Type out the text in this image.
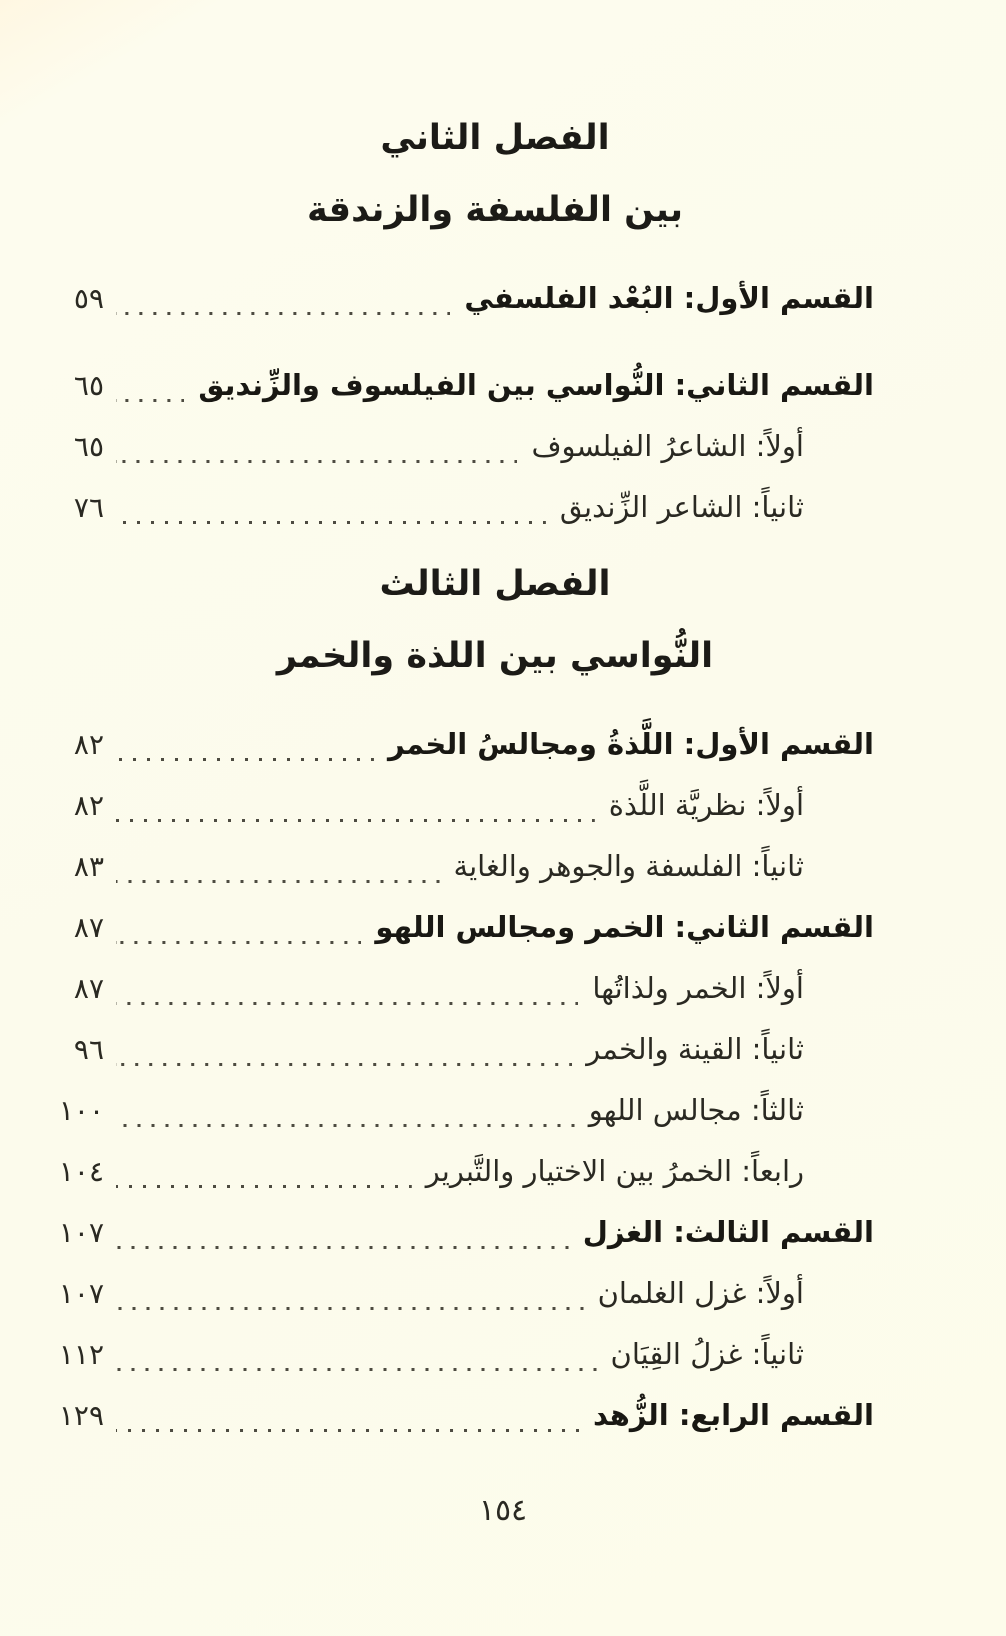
الفصل الثاني
بين الفلسفة والزندقة
القسم الأول: البُعْد الفلسفي
٥٩
القسم الثاني: النُّواسي بين الفيلسوف والزِّنديق
٦٥
أولاً: الشاعرُ الفيلسوف
٦٥
ثانياً: الشاعر الزِّنديق
٧٦
الفصل الثالث
النُّواسي بين اللذة والخمر
القسم الأول: اللَّذةُ ومجالسُ الخمر
٨٢
أولاً: نظريَّة اللَّذة
٨٢
ثانياً: الفلسفة والجوهر والغاية
٨٣
القسم الثاني: الخمر ومجالس اللهو
٨٧
أولاً: الخمر ولذاتُها
٨٧
ثانياً: القينة والخمر
٩٦
ثالثاً: مجالس اللهو
١٠٠
رابعاً: الخمرُ بين الاختيار والتَّبرير
١٠٤
القسم الثالث: الغزل
١٠٧
أولاً: غزل الغلمان
١٠٧
ثانياً: غزلُ القِيَان
١١٢
القسم الرابع: الزُّهد
١٢٩
١٥٤
